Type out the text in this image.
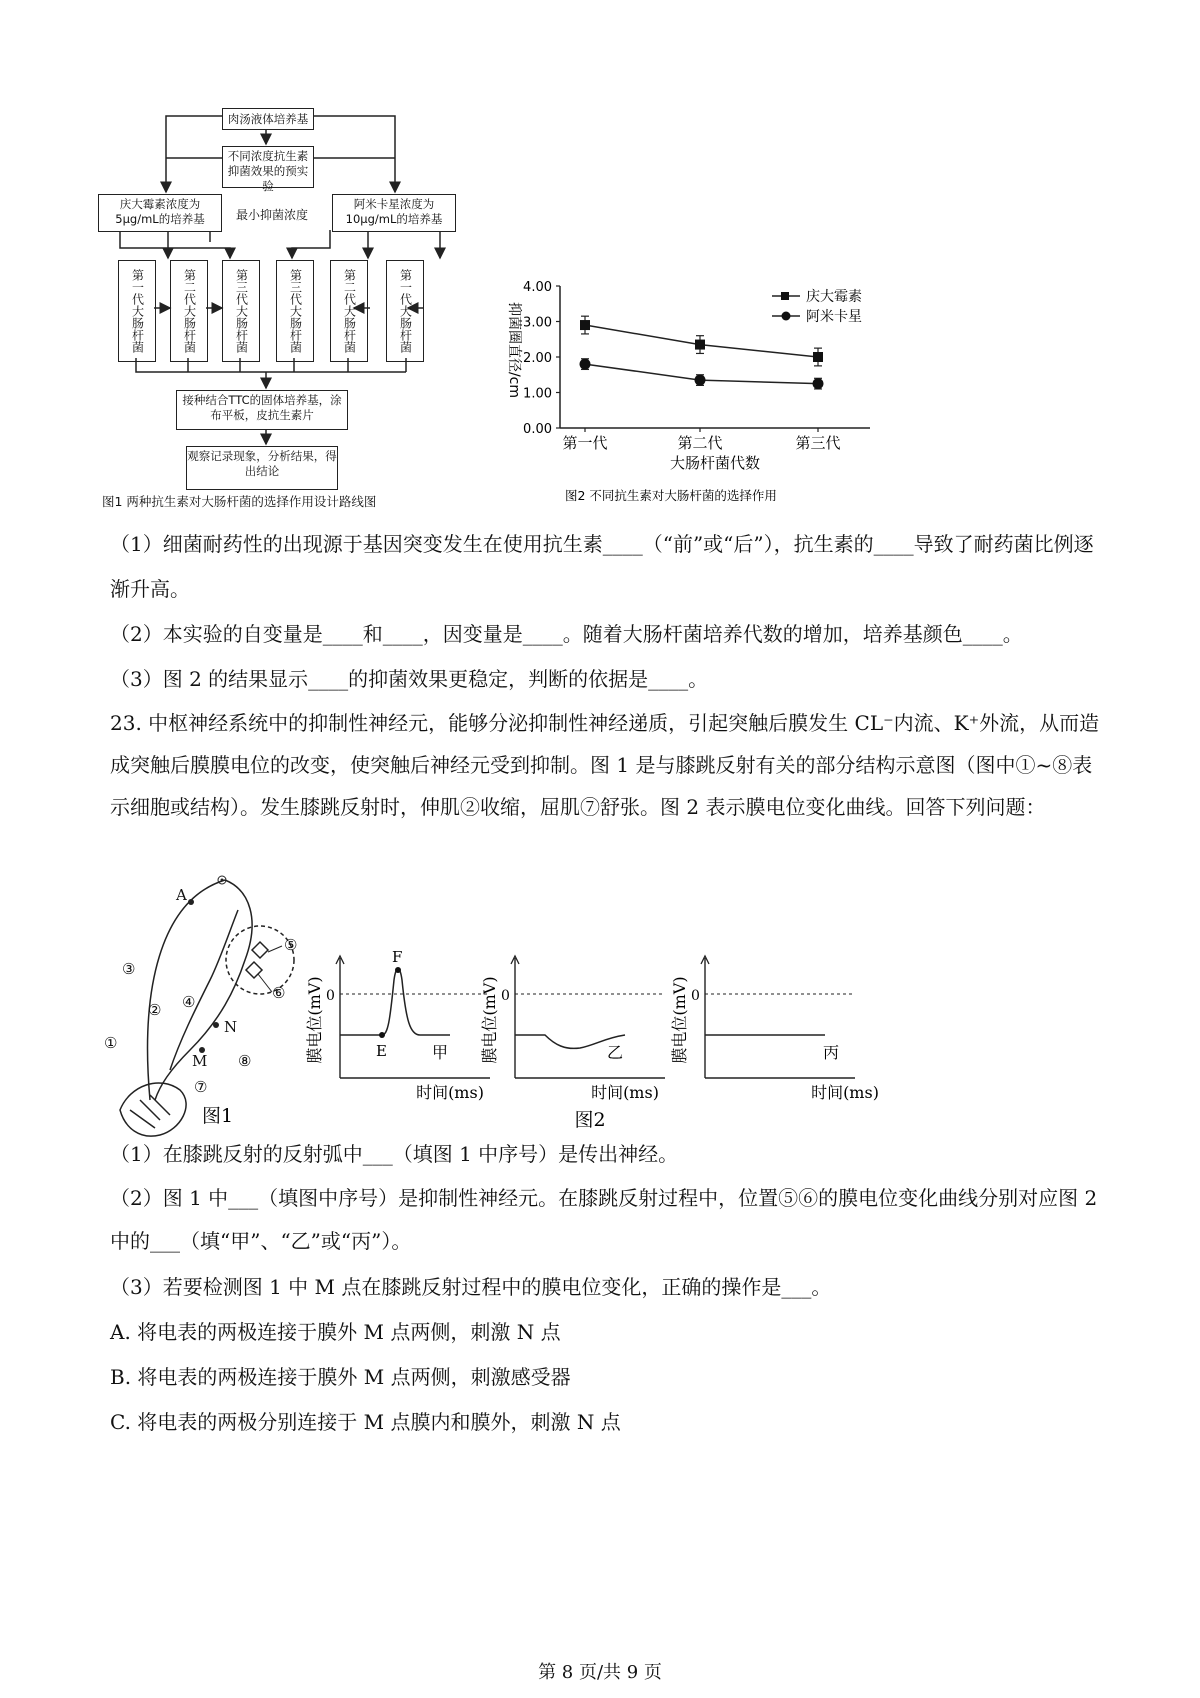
肉汤液体培养基
不同浓度抗生素抑菌效果的预实验
庆大霉素浓度为5μg/mL的培养基	最小抑菌浓度
阿米卡星浓度为10μg/mL的培养基
第一代大肠杆菌	第二代大肠杆菌	第三代大肠杆菌	第三代大肠杆菌	第二代大肠杆菌	第一代大肠杆菌
接种结合TTC的固体培养基，涂布平板，皮抗生素片
观察记录现象，分析结果，得出结论
图1 两种抗生素对大肠杆菌的选择作用设计路线图
抑菌圈直径/cm
大肠杆菌代数
0.00
1.00
2.00
3.00
4.00
第一代	第二代	第三代
庆大霉素
阿米卡星
图2 不同抗生素对大肠杆菌的选择作用
（1）细菌耐药性的出现源于基因突变发生在使用抗生素____（“前”或“后”），抗生素的____导致了耐药菌比例逐渐升高。
（2）本实验的自变量是____和____，因变量是____。随着大肠杆菌培养代数的增加，培养基颜色____。
（3）图 2 的结果显示____的抑菌效果更稳定，判断的依据是____。
23. 中枢神经系统中的抑制性神经元，能够分泌抑制性神经递质，引起突触后膜发生 CL⁻内流、K⁺外流，从而造成突触后膜膜电位的改变，使突触后神经元受到抑制。图 1 是与膝跳反射有关的部分结构示意图（图中①~⑧表示细胞或结构）。发生膝跳反射时，伸肌②收缩，屈肌⑦舒张。图 2 表示膜电位变化曲线。回答下列问题：
A
③
② ④
N
M
①
⑧
⑦
⑤
⑥
图1
0
膜电位(mV)
时间(ms)
甲
E
F
0
膜电位(mV)
时间(ms)
乙
0
膜电位(mV)
时间(ms)
丙
图2
（1）在膝跳反射的反射弧中___（填图 1 中序号）是传出神经。
（2）图 1 中___（填图中序号）是抑制性神经元。在膝跳反射过程中，位置⑤⑥的膜电位变化曲线分别对应图 2 中的___（填“甲”、“乙”或“丙”）。
（3）若要检测图 1 中 M 点在膝跳反射过程中的膜电位变化，正确的操作是___。
A. 将电表的两极连接于膜外 M 点两侧，刺激 N 点
B. 将电表的两极连接于膜外 M 点两侧，刺激感受器
C. 将电表的两极分别连接于 M 点膜内和膜外，刺激 N 点
第 8 页/共 9 页
